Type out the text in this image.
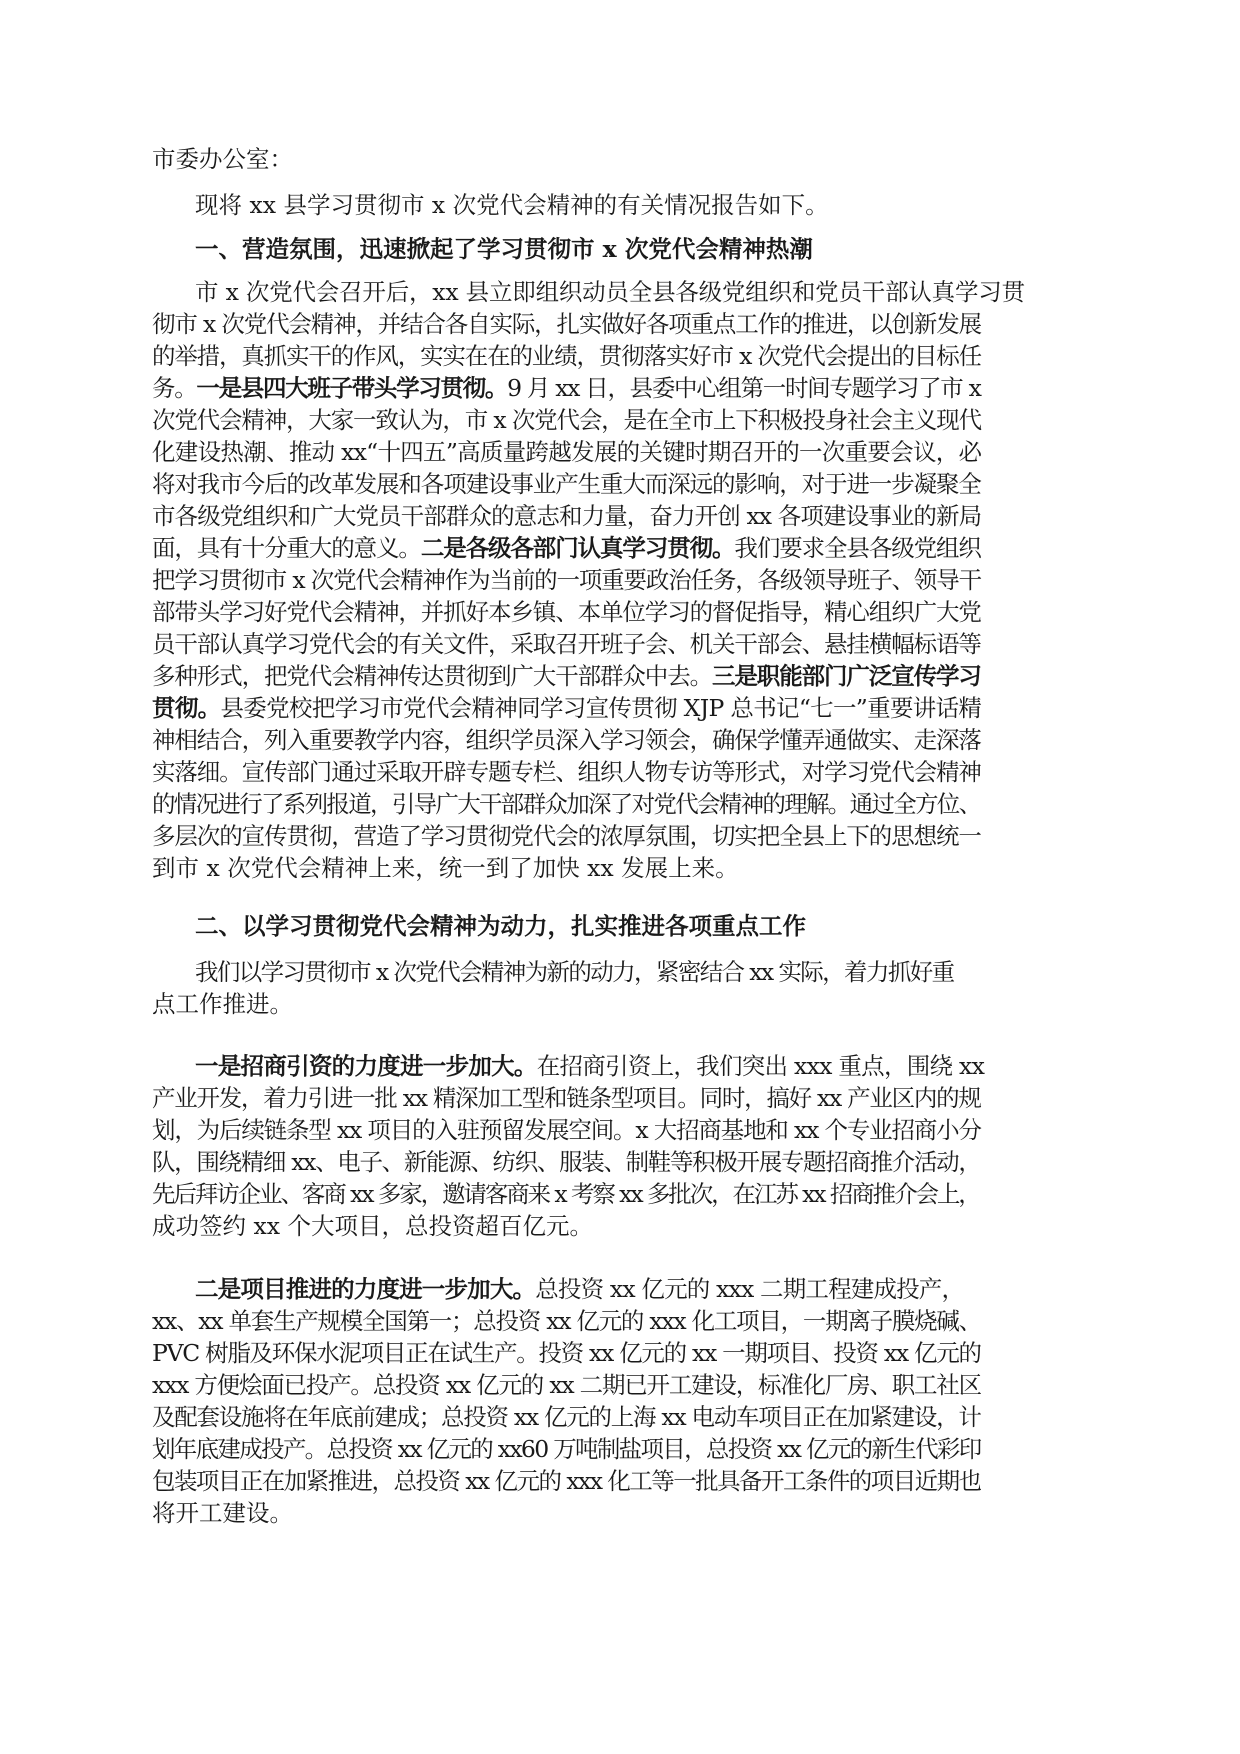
市委办公室：
现将 xx 县学习贯彻市 x 次党代会精神的有关情况报告如下。
一、营造氛围，迅速掀起了学习贯彻市 x 次党代会精神热潮
市 x 次党代会召开后，xx 县立即组织动员全县各级党组织和党员干部认真学习贯
彻市 x 次党代会精神，并结合各自实际，扎实做好各项重点工作的推进，以创新发展
的举措，真抓实干的作风，实实在在的业绩，贯彻落实好市 x 次党代会提出的目标任
务。一是县四大班子带头学习贯彻。9 月 xx 日，县委中心组第一时间专题学习了市 x
次党代会精神，大家一致认为，市 x 次党代会，是在全市上下积极投身社会主义现代
化建设热潮、推动 xx“十四五”高质量跨越发展的关键时期召开的一次重要会议，必
将对我市今后的改革发展和各项建设事业产生重大而深远的影响，对于进一步凝聚全
市各级党组织和广大党员干部群众的意志和力量，奋力开创 xx 各项建设事业的新局
面，具有十分重大的意义。二是各级各部门认真学习贯彻。我们要求全县各级党组织
把学习贯彻市 x 次党代会精神作为当前的一项重要政治任务，各级领导班子、领导干
部带头学习好党代会精神，并抓好本乡镇、本单位学习的督促指导，精心组织广大党
员干部认真学习党代会的有关文件，采取召开班子会、机关干部会、悬挂横幅标语等
多种形式，把党代会精神传达贯彻到广大干部群众中去。三是职能部门广泛宣传学习
贯彻。县委党校把学习市党代会精神同学习宣传贯彻 XJP 总书记“七一”重要讲话精
神相结合，列入重要教学内容，组织学员深入学习领会，确保学懂弄通做实、走深落
实落细。宣传部门通过采取开辟专题专栏、组织人物专访等形式，对学习党代会精神
的情况进行了系列报道，引导广大干部群众加深了对党代会精神的理解。通过全方位、
多层次的宣传贯彻，营造了学习贯彻党代会的浓厚氛围，切实把全县上下的思想统一
到市 x 次党代会精神上来，统一到了加快 xx 发展上来。
二、以学习贯彻党代会精神为动力，扎实推进各项重点工作
我们以学习贯彻市 x 次党代会精神为新的动力，紧密结合 xx 实际，着力抓好重
点工作推进。
一是招商引资的力度进一步加大。在招商引资上，我们突出 xxx 重点，围绕 xx
产业开发，着力引进一批 xx 精深加工型和链条型项目。同时，搞好 xx 产业区内的规
划，为后续链条型 xx 项目的入驻预留发展空间。x 大招商基地和 xx 个专业招商小分
队，围绕精细 xx、电子、新能源、纺织、服装、制鞋等积极开展专题招商推介活动，
先后拜访企业、客商 xx 多家，邀请客商来 x 考察 xx 多批次，在江苏 xx 招商推介会上，
成功签约 xx 个大项目，总投资超百亿元。
二是项目推进的力度进一步加大。总投资 xx 亿元的 xxx 二期工程建成投产，
xx、xx 单套生产规模全国第一；总投资 xx 亿元的 xxx 化工项目，一期离子膜烧碱、
PVC 树脂及环保水泥项目正在试生产。投资 xx 亿元的 xx 一期项目、投资 xx 亿元的
xxx 方便烩面已投产。总投资 xx 亿元的 xx 二期已开工建设，标准化厂房、职工社区
及配套设施将在年底前建成；总投资 xx 亿元的上海 xx 电动车项目正在加紧建设，计
划年底建成投产。总投资 xx 亿元的 xx60 万吨制盐项目，总投资 xx 亿元的新生代彩印
包装项目正在加紧推进，总投资 xx 亿元的 xxx 化工等一批具备开工条件的项目近期也
将开工建设。
